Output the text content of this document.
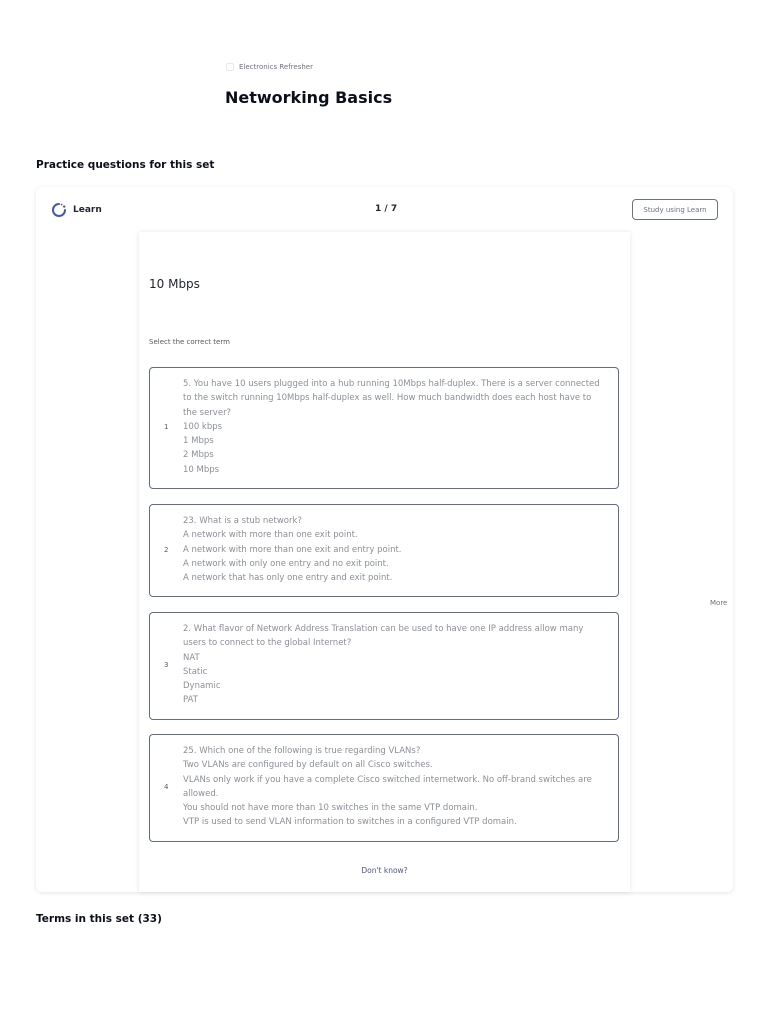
Electronics Refresher
Networking Basics
Practice questions for this set
Learn	1 / 7	Study using Learn
More
10 Mbps
Select the correct term
1
5. You have 10 users plugged into a hub running 10Mbps half-duplex. There is a server connected to the switch running 10Mbps half-duplex as well. How much bandwidth does each host have to the server?
100 kbps
1 Mbps
2 Mbps
10 Mbps
2
23. What is a stub network?
A network with more than one exit point.
A network with more than one exit and entry point.
A network with only one entry and no exit point.
A network that has only one entry and exit point.
3
2. What flavor of Network Address Translation can be used to have one IP address allow many users to connect to the global Internet?
NAT
Static
Dynamic
PAT
4
25. Which one of the following is true regarding VLANs?
Two VLANs are configured by default on all Cisco switches.
VLANs only work if you have a complete Cisco switched internetwork. No off-brand switches are allowed.
You should not have more than 10 switches in the same VTP domain.
VTP is used to send VLAN information to switches in a configured VTP domain.
Don't know?
Terms in this set (33)
